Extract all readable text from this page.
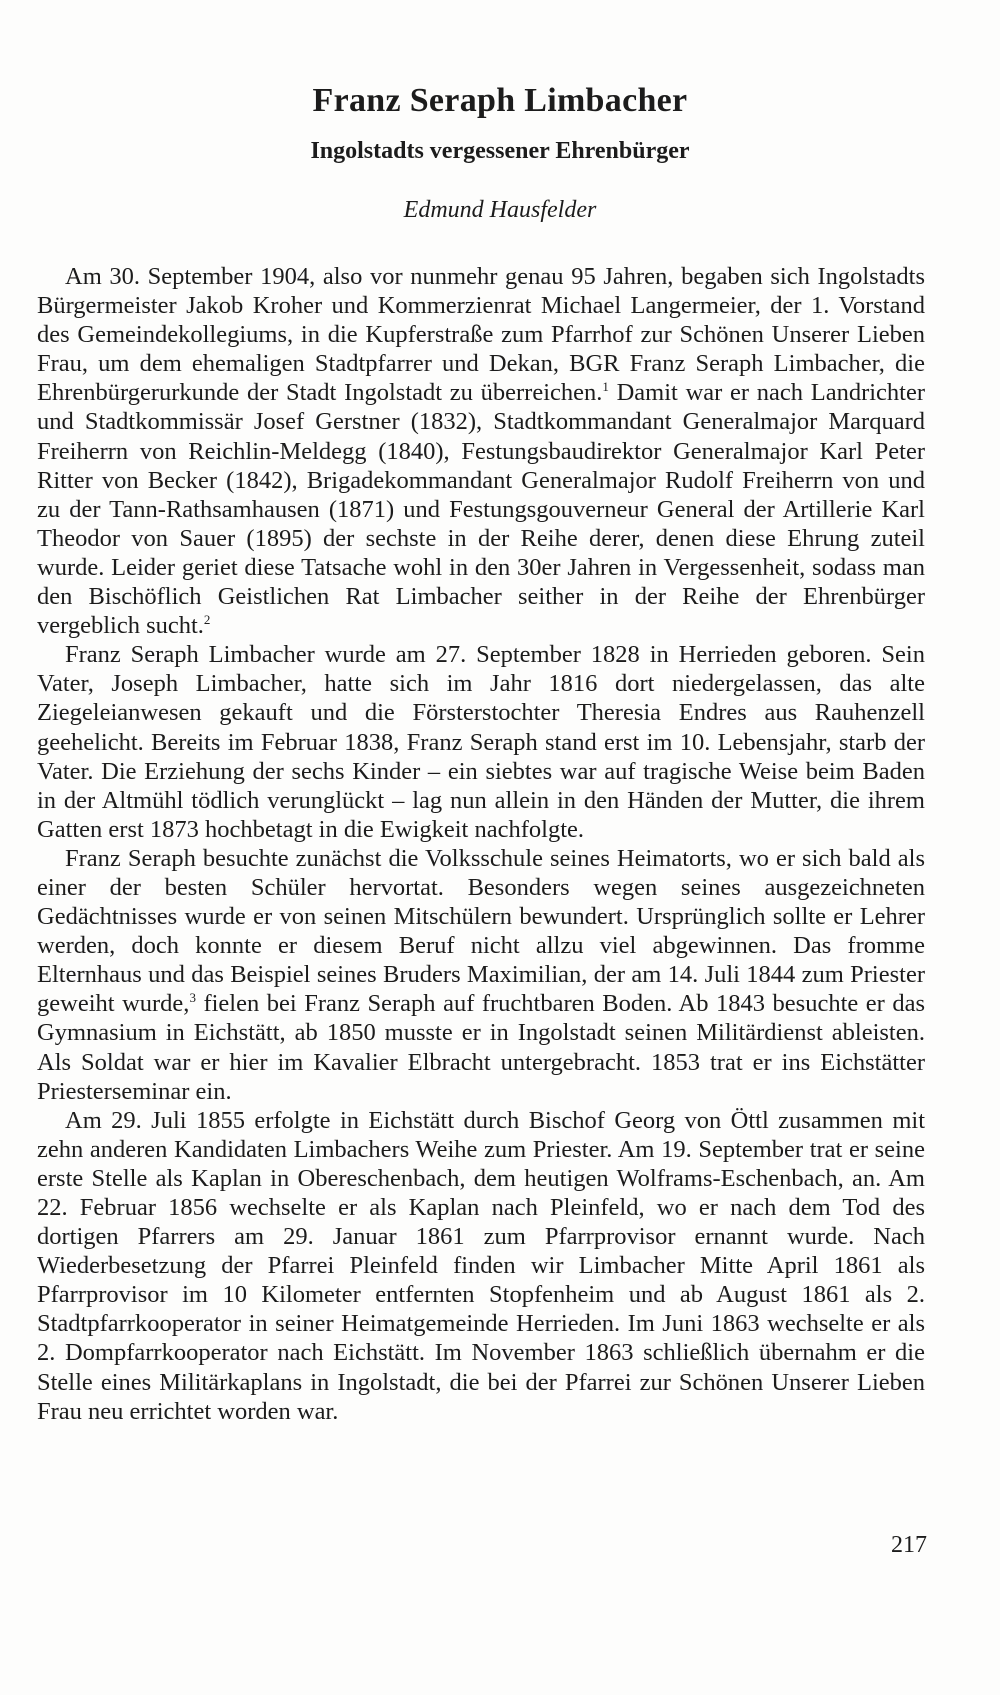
Franz Seraph Limbacher
Ingolstadts vergessener Ehrenbürger
Edmund Hausfelder

Am 30. September 1904, also vor nunmehr genau 95 Jahren, begaben sich Ingolstadts Bürgermeister Jakob Kroher und Kommerzienrat Michael Langermeier, der 1. Vorstand des Gemeindekollegiums, in die Kupferstraße zum Pfarrhof zur Schönen Unserer Lieben Frau, um dem ehemaligen Stadtpfarrer und Dekan, BGR Franz Seraph Limbacher, die Ehrenbürgerurkunde der Stadt Ingolstadt zu überreichen.$^1$ Damit war er nach Landrichter und Stadtkommissär Josef Gerstner (1832), Stadtkommandant Generalmajor Marquard Freiherrn von Reichlin-Meldegg (1840), Festungsbaudirektor Generalmajor Karl Peter Ritter von Becker (1842), Brigadekommandant Generalmajor Rudolf Freiherrn von und zu der Tann-Rathsamhausen (1871) und Festungsgouverneur General der Artillerie Karl Theodor von Sauer (1895) der sechste in der Reihe derer, denen diese Ehrung zuteil wurde. Leider geriet diese Tatsache wohl in den 30er Jahren in Vergessenheit, sodass man den Bischöflich Geistlichen Rat Limbacher seither in der Reihe der Ehrenbürger vergeblich sucht.$^2$

Franz Seraph Limbacher wurde am 27. September 1828 in Herrieden geboren. Sein Vater, Joseph Limbacher, hatte sich im Jahr 1816 dort niedergelassen, das alte Ziegeleianwesen gekauft und die Försterstochter Theresia Endres aus Rauhenzell geehelicht. Bereits im Februar 1838, Franz Seraph stand erst im 10. Lebensjahr, starb der Vater. Die Erziehung der sechs Kinder – ein siebtes war auf tragische Weise beim Baden in der Altmühl tödlich verunglückt – lag nun allein in den Händen der Mutter, die ihrem Gatten erst 1873 hochbetagt in die Ewigkeit nachfolgte.

Franz Seraph besuchte zunächst die Volksschule seines Heimatorts, wo er sich bald als einer der besten Schüler hervortat. Besonders wegen seines ausgezeichneten Gedächtnisses wurde er von seinen Mitschülern bewundert. Ursprünglich sollte er Lehrer werden, doch konnte er diesem Beruf nicht allzu viel abgewinnen. Das fromme Elternhaus und das Beispiel seines Bruders Maximilian, der am 14. Juli 1844 zum Priester geweiht wurde,$^3$ fielen bei Franz Seraph auf fruchtbaren Boden. Ab 1843 besuchte er das Gymnasium in Eichstätt, ab 1850 musste er in Ingolstadt seinen Militärdienst ableisten. Als Soldat war er hier im Kavalier Elbracht untergebracht. 1853 trat er ins Eichstätter Priesterseminar ein.

Am 29. Juli 1855 erfolgte in Eichstätt durch Bischof Georg von Öttl zusammen mit zehn anderen Kandidaten Limbachers Weihe zum Priester. Am 19. September trat er seine erste Stelle als Kaplan in Obereschenbach, dem heutigen Wolframs-Eschenbach, an. Am 22. Februar 1856 wechselte er als Kaplan nach Pleinfeld, wo er nach dem Tod des dortigen Pfarrers am 29. Januar 1861 zum Pfarrprovisor ernannt wurde. Nach Wiederbesetzung der Pfarrei Pleinfeld finden wir Limbacher Mitte April 1861 als Pfarrprovisor im 10 Kilometer entfernten Stopfenheim und ab August 1861 als 2. Stadtpfarrkooperator in seiner Heimatgemeinde Herrieden. Im Juni 1863 wechselte er als 2. Dompfarrkooperator nach Eichstätt. Im November 1863 schließlich übernahm er die Stelle eines Militärkaplans in Ingolstadt, die bei der Pfarrei zur Schönen Unserer Lieben Frau neu errichtet worden war.

217
